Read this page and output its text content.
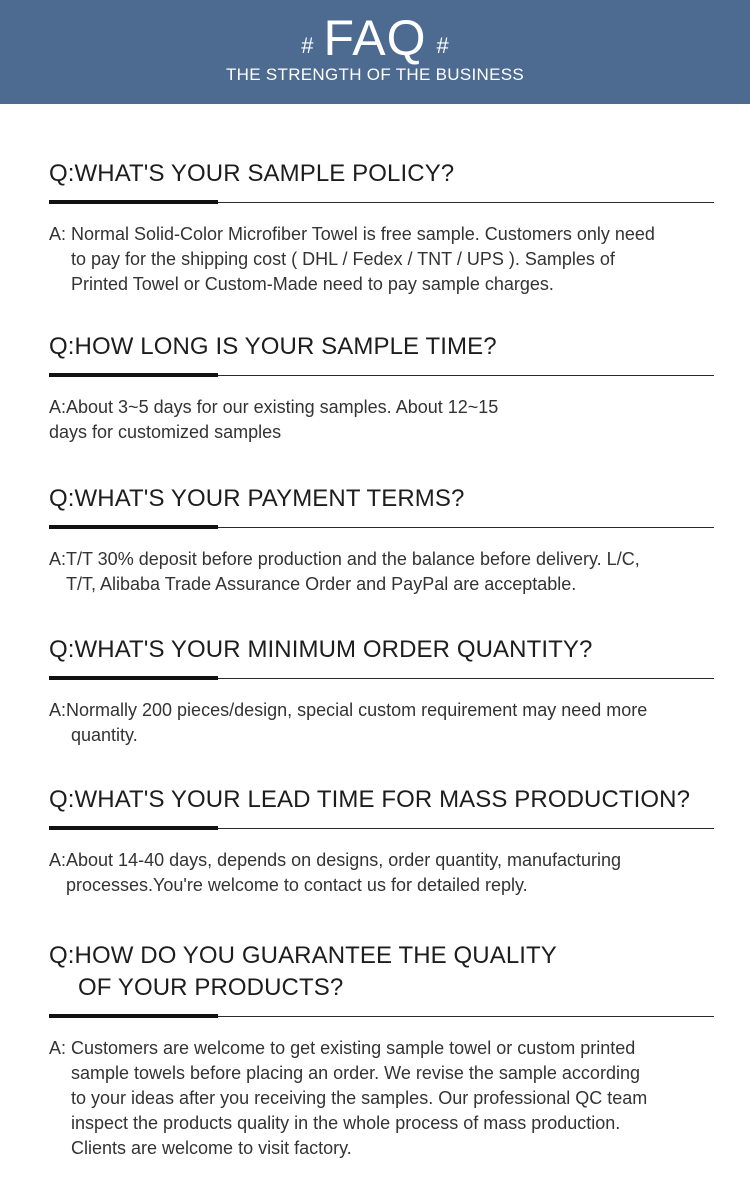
# FAQ #
THE STRENGTH OF THE BUSINESS
Q:WHAT'S YOUR SAMPLE POLICY?
A: Normal Solid-Color Microfiber Towel is free sample. Customers only need
to pay for the shipping cost ( DHL / Fedex / TNT / UPS ). Samples of
Printed Towel or Custom-Made need to pay sample charges.
Q:HOW LONG IS YOUR SAMPLE TIME?
A:About 3~5 days for our existing samples. About 12~15
days for customized samples
Q:WHAT'S YOUR PAYMENT TERMS?
A:T/T 30% deposit before production and the balance before delivery. L/C,
T/T, Alibaba Trade Assurance Order and PayPal are acceptable.
Q:WHAT'S YOUR MINIMUM ORDER QUANTITY?
A:Normally 200 pieces/design, special custom requirement may need more
quantity.
Q:WHAT'S YOUR LEAD TIME FOR MASS PRODUCTION?
A:About 14-40 days, depends on designs, order quantity, manufacturing
processes.You're welcome to contact us for detailed reply.
Q:HOW DO YOU GUARANTEE THE QUALITY
OF YOUR PRODUCTS?
A: Customers are welcome to get existing sample towel or custom printed
sample towels before placing an order. We revise the sample according
to your ideas after you receiving the samples. Our professional QC team
inspect the products quality in the whole process of mass production.
Clients are welcome to visit factory.
